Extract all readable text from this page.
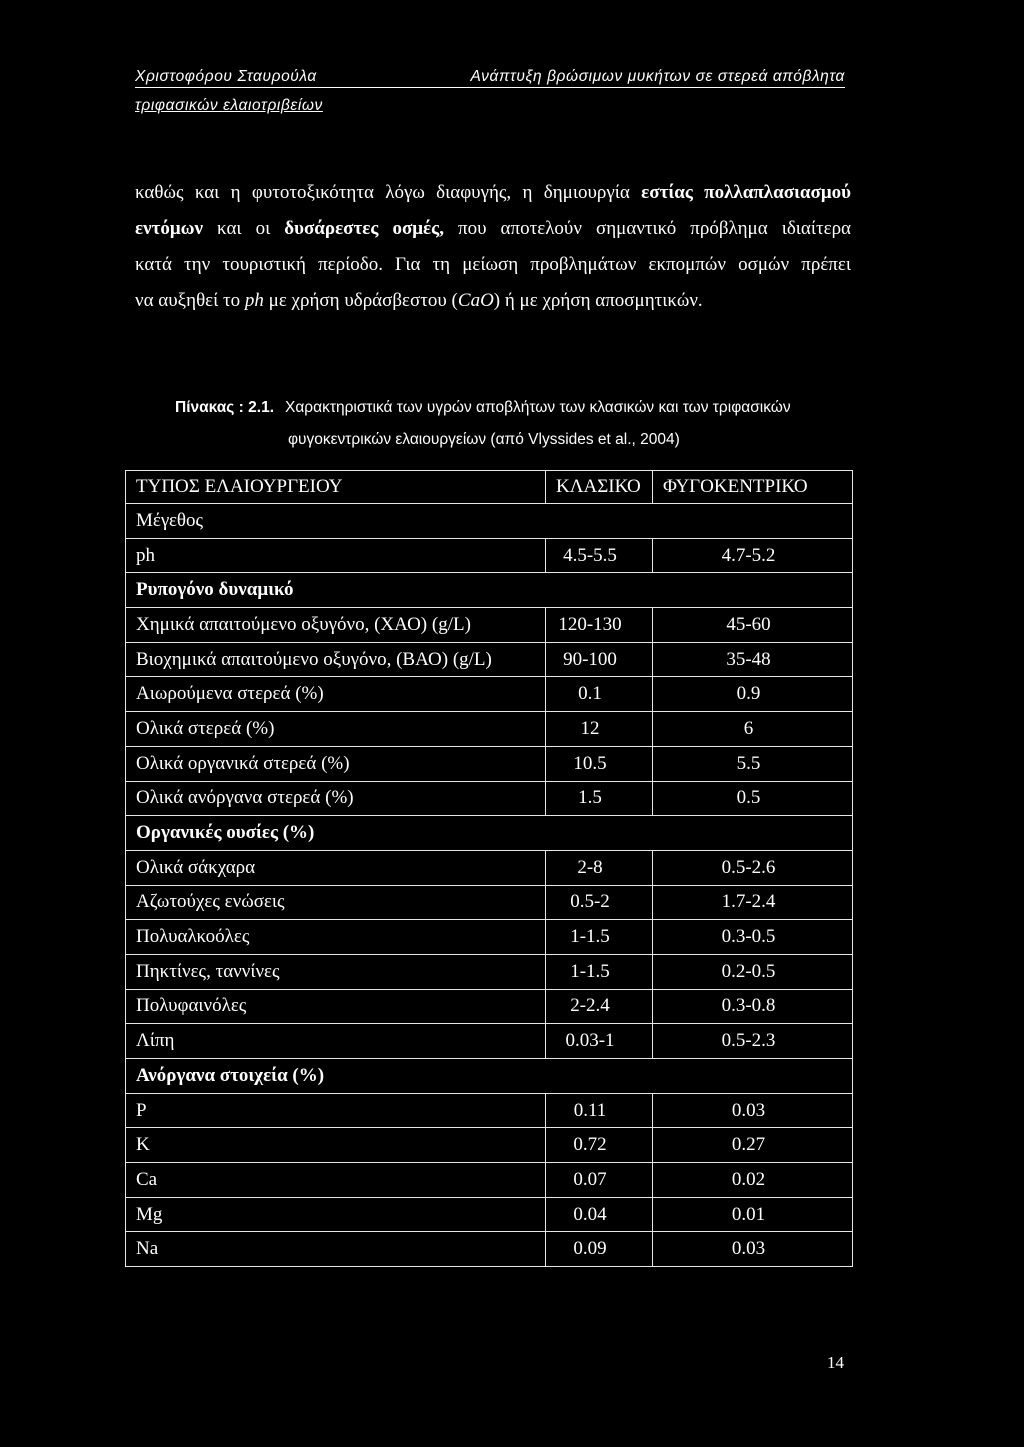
Χριστοφόρου Σταυρούλα	Ανάπτυξη βρώσιμων μυκήτων σε στερεά απόβλητα
τριφασικών ελαιοτριβείων
καθώς και η φυτοτοξικότητα λόγω διαφυγής, η δημιουργία εστίας πολλαπλασιασμού
εντόμων και οι δυσάρεστες οσμές, που αποτελούν σημαντικό πρόβλημα ιδιαίτερα
κατά την τουριστική περίοδο. Για τη μείωση προβλημάτων εκπομπών οσμών πρέπει
να αυξηθεί το ph με χρήση υδράσβεστου (CaO) ή με χρήση αποσμητικών.
Πίνακας : 2.1. Χαρακτηριστικά των υγρών αποβλήτων των κλασικών και των τριφασικών
φυγοκεντρικών ελαιουργείων (από Vlyssides et al., 2004)
ΤΥΠΟΣ ΕΛΑΙΟΥΡΓΕΙΟΥ	ΚΛΑΣΙΚΟ	ΦΥΓΟΚΕΝΤΡΙΚΟ
Μέγεθος		
ph	4.5-5.5	4.7-5.2
Ρυπογόνο δυναμικό		
Χημικά απαιτούμενο οξυγόνο, (ΧΑΟ) (g/L)	120-130	45-60
Βιοχημικά απαιτούμενο οξυγόνο, (ΒΑΟ) (g/L)	90-100	35-48
Αιωρούμενα στερεά (%)	0.1	0.9
Ολικά στερεά (%)	12	6
Ολικά οργανικά στερεά (%)	10.5	5.5
Ολικά ανόργανα στερεά (%)	1.5	0.5
Οργανικές ουσίες (%)		
Ολικά σάκχαρα	2-8	0.5-2.6
Αζωτούχες ενώσεις	0.5-2	1.7-2.4
Πολυαλκοόλες	1-1.5	0.3-0.5
Πηκτίνες, ταννίνες	1-1.5	0.2-0.5
Πολυφαινόλες	2-2.4	0.3-0.8
Λίπη	0.03-1	0.5-2.3
Ανόργανα στοιχεία (%)		
P	0.11	0.03
K	0.72	0.27
Ca	0.07	0.02
Mg	0.04	0.01
Na	0.09	0.03
14
